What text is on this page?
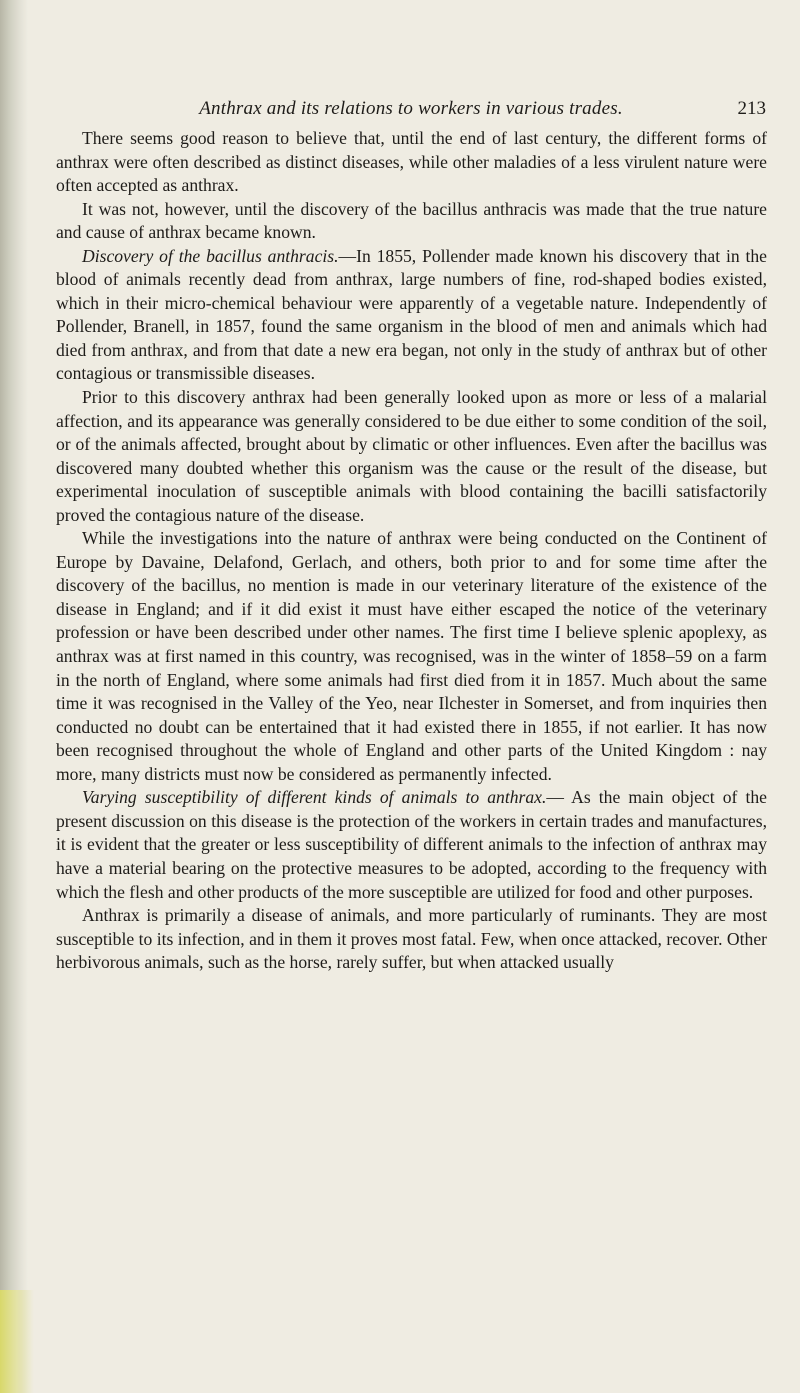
Anthrax and its relations to workers in various trades.	213

There seems good reason to believe that, until the end of last century, the different forms of anthrax were often described as distinct diseases, while other maladies of a less virulent nature were often accepted as anthrax.

It was not, however, until the discovery of the bacillus anthracis was made that the true nature and cause of anthrax became known.

Discovery of the bacillus anthracis.—In 1855, Pollender made known his discovery that in the blood of animals recently dead from anthrax, large numbers of fine, rod-shaped bodies existed, which in their micro-chemical behaviour were apparently of a vegetable nature. Independently of Pollender, Branell, in 1857, found the same organism in the blood of men and animals which had died from anthrax, and from that date a new era began, not only in the study of anthrax but of other contagious or transmissible diseases.

Prior to this discovery anthrax had been generally looked upon as more or less of a malarial affection, and its appearance was generally considered to be due either to some condition of the soil, or of the animals affected, brought about by climatic or other influences. Even after the bacillus was discovered many doubted whether this organism was the cause or the result of the disease, but experimental inoculation of susceptible animals with blood containing the bacilli satisfactorily proved the contagious nature of the disease.

While the investigations into the nature of anthrax were being conducted on the Continent of Europe by Davaine, Delafond, Gerlach, and others, both prior to and for some time after the discovery of the bacillus, no mention is made in our veterinary literature of the existence of the disease in England; and if it did exist it must have either escaped the notice of the veterinary profession or have been described under other names. The first time I believe splenic apoplexy, as anthrax was at first named in this country, was recognised, was in the winter of 1858–59 on a farm in the north of England, where some animals had first died from it in 1857. Much about the same time it was recognised in the Valley of the Yeo, near Ilchester in Somerset, and from inquiries then conducted no doubt can be entertained that it had existed there in 1855, if not earlier. It has now been recognised throughout the whole of England and other parts of the United Kingdom : nay more, many districts must now be considered as permanently infected.

Varying susceptibility of different kinds of animals to anthrax.— As the main object of the present discussion on this disease is the protection of the workers in certain trades and manufactures, it is evident that the greater or less susceptibility of different animals to the infection of anthrax may have a material bearing on the protective measures to be adopted, according to the frequency with which the flesh and other products of the more susceptible are utilized for food and other purposes.

Anthrax is primarily a disease of animals, and more particularly of ruminants. They are most susceptible to its infection, and in them it proves most fatal. Few, when once attacked, recover. Other herbivorous animals, such as the horse, rarely suffer, but when attacked usually
